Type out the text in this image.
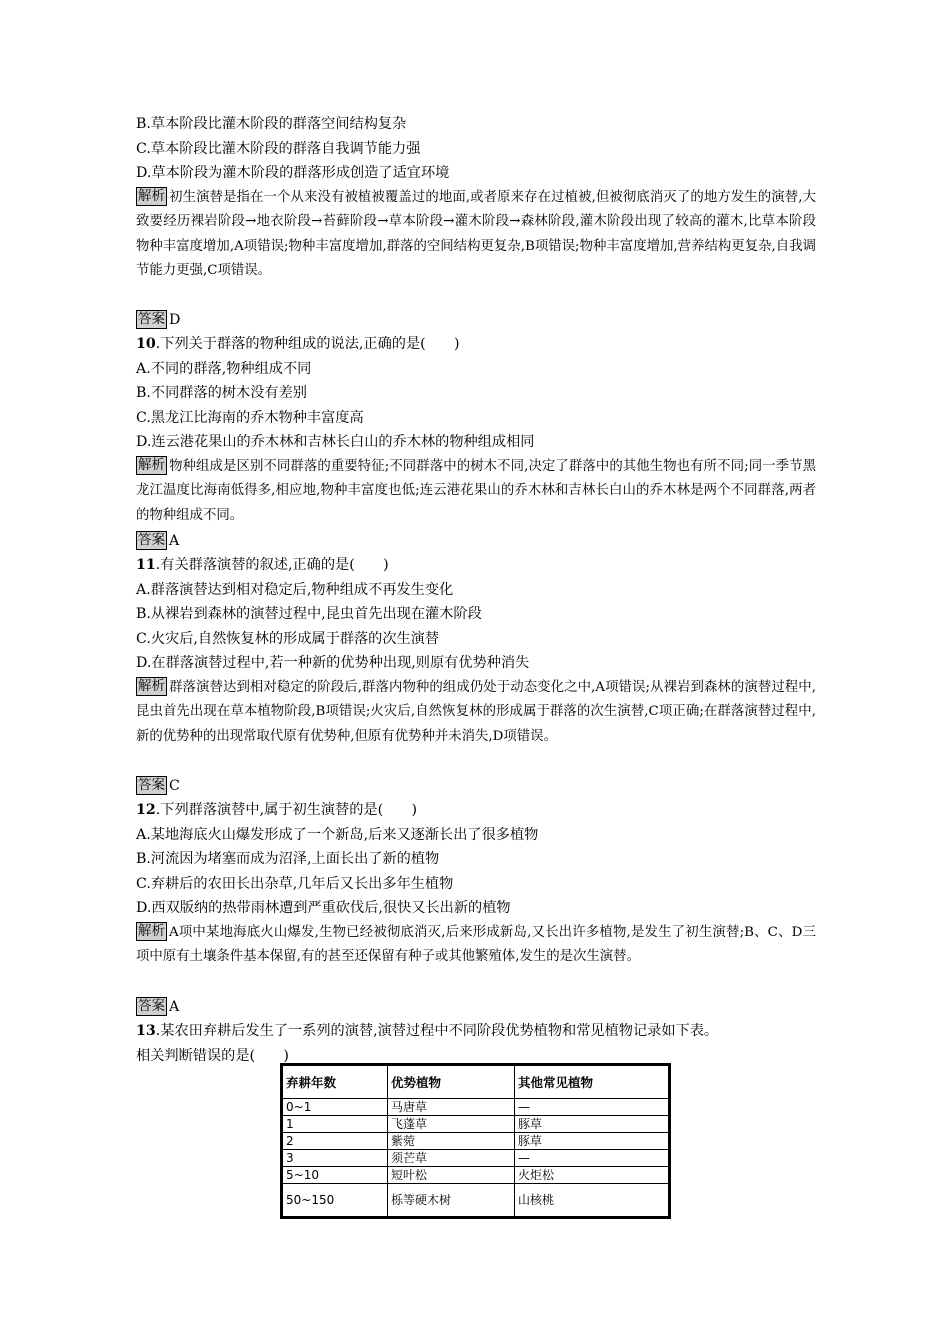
B.草本阶段比灌木阶段的群落空间结构复杂
C.草本阶段比灌木阶段的群落自我调节能力强
D.草本阶段为灌木阶段的群落形成创造了适宜环境
解析 初生演替是指在一个从来没有被植被覆盖过的地面,或者原来存在过植被,但被彻底消灭了的地方发生的演替,大致要经历裸岩阶段→地衣阶段→苔藓阶段→草本阶段→灌木阶段→森林阶段,灌木阶段出现了较高的灌木,比草本阶段物种丰富度增加,A项错误;物种丰富度增加,群落的空间结构更复杂,B项错误;物种丰富度增加,营养结构更复杂,自我调节能力更强,C项错误。
答案 D
10.下列关于群落的物种组成的说法,正确的是(　　)
A.不同的群落,物种组成不同
B.不同群落的树木没有差别
C.黑龙江比海南的乔木物种丰富度高
D.连云港花果山的乔木林和吉林长白山的乔木林的物种组成相同
解析 物种组成是区别不同群落的重要特征;不同群落中的树木不同,决定了群落中的其他生物也有所不同;同一季节黑龙江温度比海南低得多,相应地,物种丰富度也低;连云港花果山的乔木林和吉林长白山的乔木林是两个不同群落,两者的物种组成不同。
答案 A
11.有关群落演替的叙述,正确的是(　　)
A.群落演替达到相对稳定后,物种组成不再发生变化
B.从裸岩到森林的演替过程中,昆虫首先出现在灌木阶段
C.火灾后,自然恢复林的形成属于群落的次生演替
D.在群落演替过程中,若一种新的优势种出现,则原有优势种消失
解析 群落演替达到相对稳定的阶段后,群落内物种的组成仍处于动态变化之中,A项错误;从裸岩到森林的演替过程中,昆虫首先出现在草本植物阶段,B项错误;火灾后,自然恢复林的形成属于群落的次生演替,C项正确;在群落演替过程中,新的优势种的出现常取代原有优势种,但原有优势种并未消失,D项错误。
答案 C
12.下列群落演替中,属于初生演替的是(　　)
A.某地海底火山爆发形成了一个新岛,后来又逐渐长出了很多植物
B.河流因为堵塞而成为沼泽,上面长出了新的植物
C.弃耕后的农田长出杂草,几年后又长出多年生植物
D.西双版纳的热带雨林遭到严重砍伐后,很快又长出新的植物
解析 A项中某地海底火山爆发,生物已经被彻底消灭,后来形成新岛,又长出许多植物,是发生了初生演替;B、C、D三项中原有土壤条件基本保留,有的甚至还保留有种子或其他繁殖体,发生的是次生演替。
答案 A
13.某农田弃耕后发生了一系列的演替,演替过程中不同阶段优势植物和常见植物记录如下表。
相关判断错误的是(　　)
弃耕年数	优势植物	其他常见植物
0~1	马唐草	—
1	飞蓬草	豚草
2	紫菀	豚草
3	须芒草	—
5~10	短叶松	火炬松
50~150	栎等硬木树	山核桃
